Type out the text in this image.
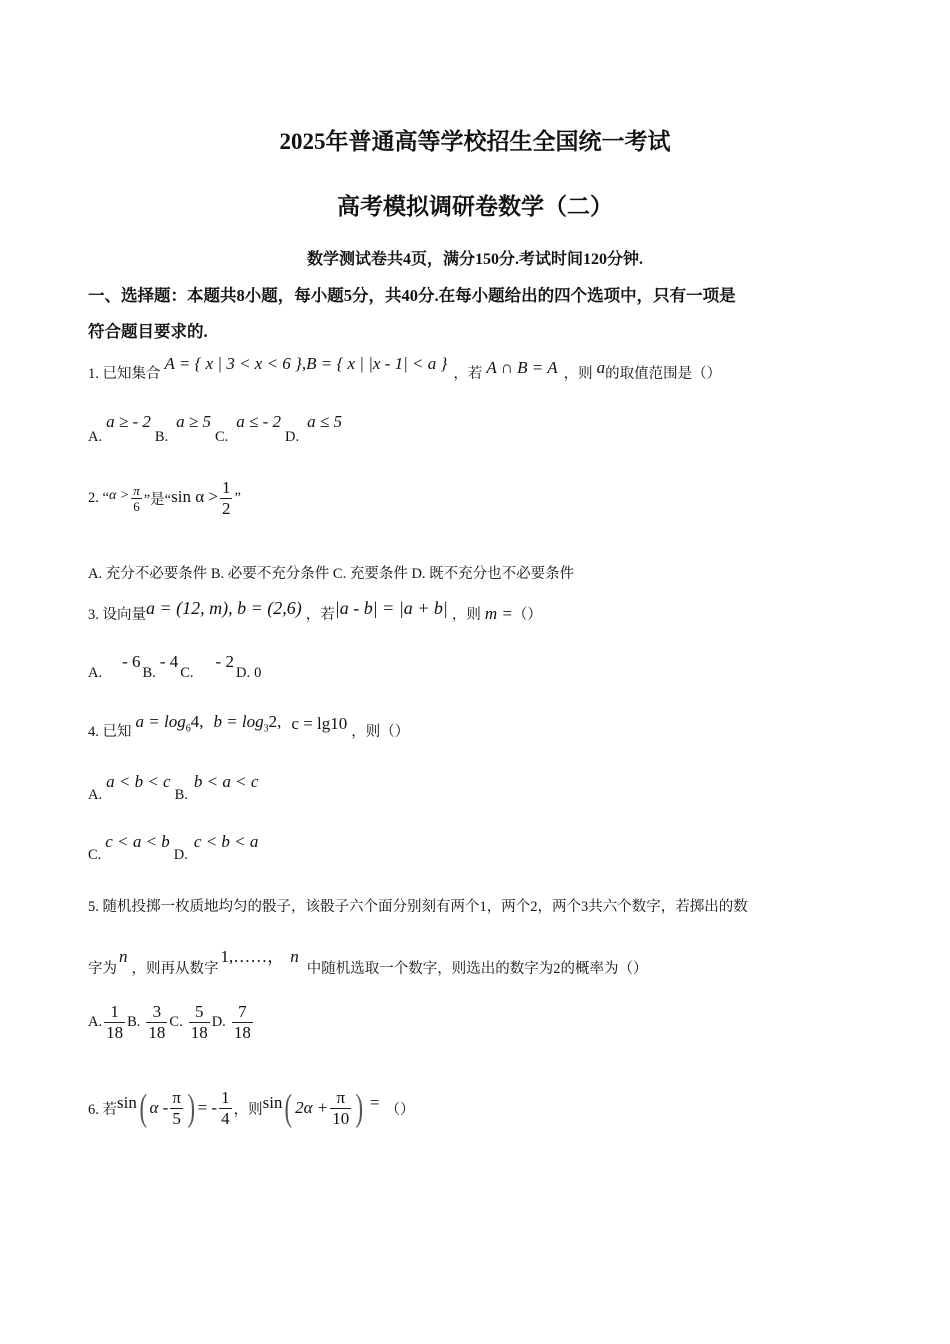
2025年普通高等学校招生全国统一考试
高考模拟调研卷数学（二）
数学测试卷共4页，满分150分.考试时间120分钟.
一、选择题：本题共8小题，每小题5分，共40分.在每小题给出的四个选项中，只有一项是
符合题目要求的.
1. 已知集合
A = { x | 3 < x < 6 } , B = { x | |x - 1| < a }
，若 A ∩ B = A ，则 a 的取值范围是（）
A.
a ≥ - 2
B.
a ≥ 5
C.
a ≤ - 2
D.
a ≤ 5
2. “ $\alpha > \frac{\pi}{6}$ ”是“ $\sin \alpha > \frac{1}{2}$ ”
A. 充分不必要条件 B. 必要不充分条件 C. 充要条件 D. 既不充分也不必要条件
3. 设向量 a = (12, m), b = (2,6) ，若 |a - b| = |a + b| ，则 m = （）
A.
- 6
B.
- 4
C.
- 2
D. 0
4. 已知
$a = \log_64$, $b = \log_32$, c = lg10 ，则（）
A.
a < b < c
B.
b < a < c
C.
c < a < b
D.
c < b < a
5. 随机投掷一枚质地均匀的骰子，该骰子六个面分别刻有两个1，两个2，两个3共六个数字，若掷出的数
字为
n
，则再从数字
1,……， n
中随机选取一个数字，则选出的数字为2的概率为（）
A. $\frac{1}{18} B$. $\frac{3}{18} C$. $\frac{5}{18} D$. $\frac{7}{18}$
6. 若 sin ( α - $\frac{\pi}{5}$ ) = - $\frac{1}{4}$ ，则 sin ( $2\alpha + \frac{\pi}{10}$ ) = （）
